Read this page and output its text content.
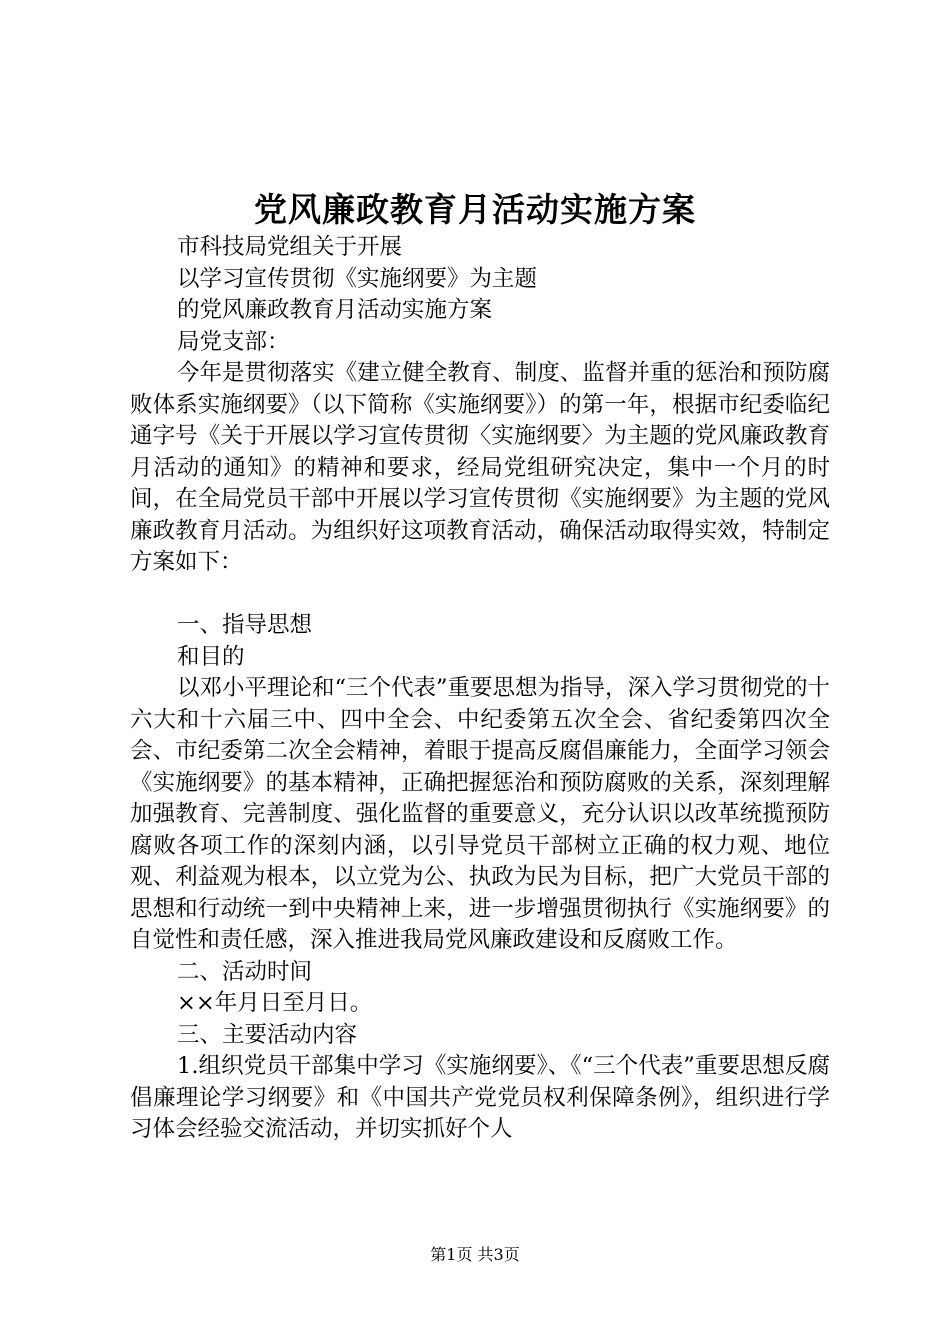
党风廉政教育月活动实施方案
市科技局党组关于开展
以学习宣传贯彻《实施纲要》为主题
的党风廉政教育月活动实施方案
局党支部：
今年是贯彻落实《建立健全教育、制度、监督并重的惩治和预防腐败体系实施纲要》（以下简称《实施纲要》）的第一年，根据市纪委临纪通字号《关于开展以学习宣传贯彻〈实施纲要〉为主题的党风廉政教育月活动的通知》的精神和要求，经局党组研究决定，集中一个月的时间，在全局党员干部中开展以学习宣传贯彻《实施纲要》为主题的党风廉政教育月活动。为组织好这项教育活动，确保活动取得实效，特制定方案如下：
一、指导思想
和目的
以邓小平理论和“三个代表”重要思想为指导，深入学习贯彻党的十六大和十六届三中、四中全会、中纪委第五次全会、省纪委第四次全会、市纪委第二次全会精神，着眼于提高反腐倡廉能力，全面学习领会《实施纲要》的基本精神，正确把握惩治和预防腐败的关系，深刻理解加强教育、完善制度、强化监督的重要意义，充分认识以改革统揽预防腐败各项工作的深刻内涵，以引导党员干部树立正确的权力观、地位观、利益观为根本，以立党为公、执政为民为目标，把广大党员干部的思想和行动统一到中央精神上来，进一步增强贯彻执行《实施纲要》的自觉性和责任感，深入推进我局党风廉政建设和反腐败工作。
二、活动时间
××年月日至月日。
三、主要活动内容
1.组织党员干部集中学习《实施纲要》、《“三个代表”重要思想反腐倡廉理论学习纲要》和《中国共产党党员权利保障条例》，组织进行学习体会经验交流活动，并切实抓好个人
第1页 共3页
